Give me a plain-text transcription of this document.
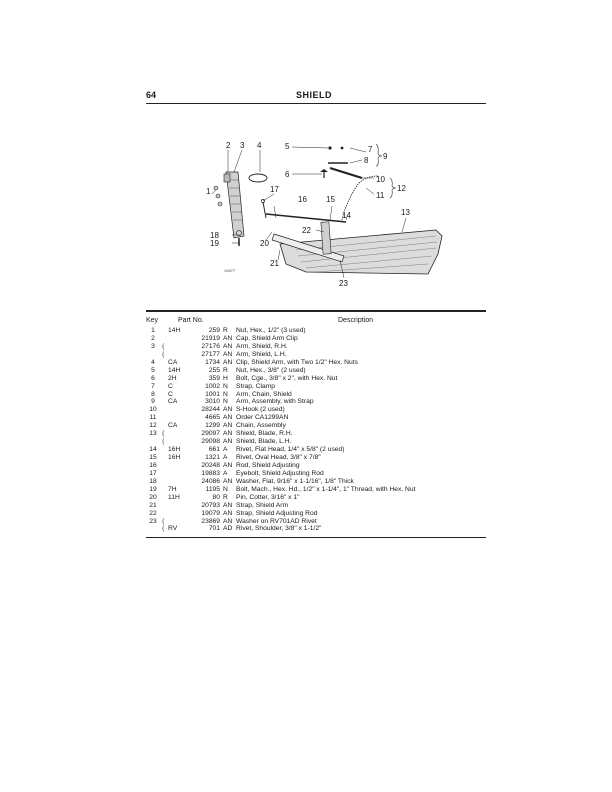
64	SHIELD
2 3 4	5
6
7
8 9
10
11
12
13
14
15
16
17
1
18
19	20
21
22
23
19477
Key	Part No.	Description
1	14H	259 R Nut, Hex., 1/2" (3 used)
2	21919 AN Cap, Shield Arm Clip
3	{	27176 AN Arm, Shield, R.H.
{	27177 AN Arm, Shield, L.H.
4	CA	1734 AN Clip, Shield Arm, with Two 1/2" Hex. Nuts
5	14H	255 R Nut, Hex., 3/8" (2 used)
6	2H	359 H Bolt, Cge., 3/8" x 2", with Hex. Nut
7	C	1002 N Strap, Clamp
8	C	1001 N Arm, Chain, Shield
9	CA	3010 N Arm, Assembly, with Strap
10	28244 AN S-Hook (2 used)
11	4665 AN Order CA1299AN
12	CA	1299 AN Chain, Assembly
13 {	29097 AN Shield, Blade, R.H.
{	29098 AN Shield, Blade, L.H.
14	16H	661 A Rivet, Flat Head, 1/4" x 5/8" (2 used)
15	16H	1321 A Rivet, Oval Head, 3/8" x 7/8"
16	20248 AN Rod, Shield Adjusting
17	19883 A Eyebolt, Shield Adjusting Rod
18	24086 AN Washer, Flat, 9/16" x 1-1/16", 1/8" Thick
19	7H	1195 N Bolt, Mach., Hex. Hd., 1/2" x 1-1/4", 1" Thread, with Hex. Nut
20	11H	80 R Pin, Cotter, 3/16" x 1"
21	20793 AN Strap, Shield Arm
22	19079 AN Strap, Shield Adjusting Rod
23 {	23869 AN Washer on RV701AD Rivet
{ RV	701 AD Rivet, Shoulder, 3/8" x 1-1/2"
